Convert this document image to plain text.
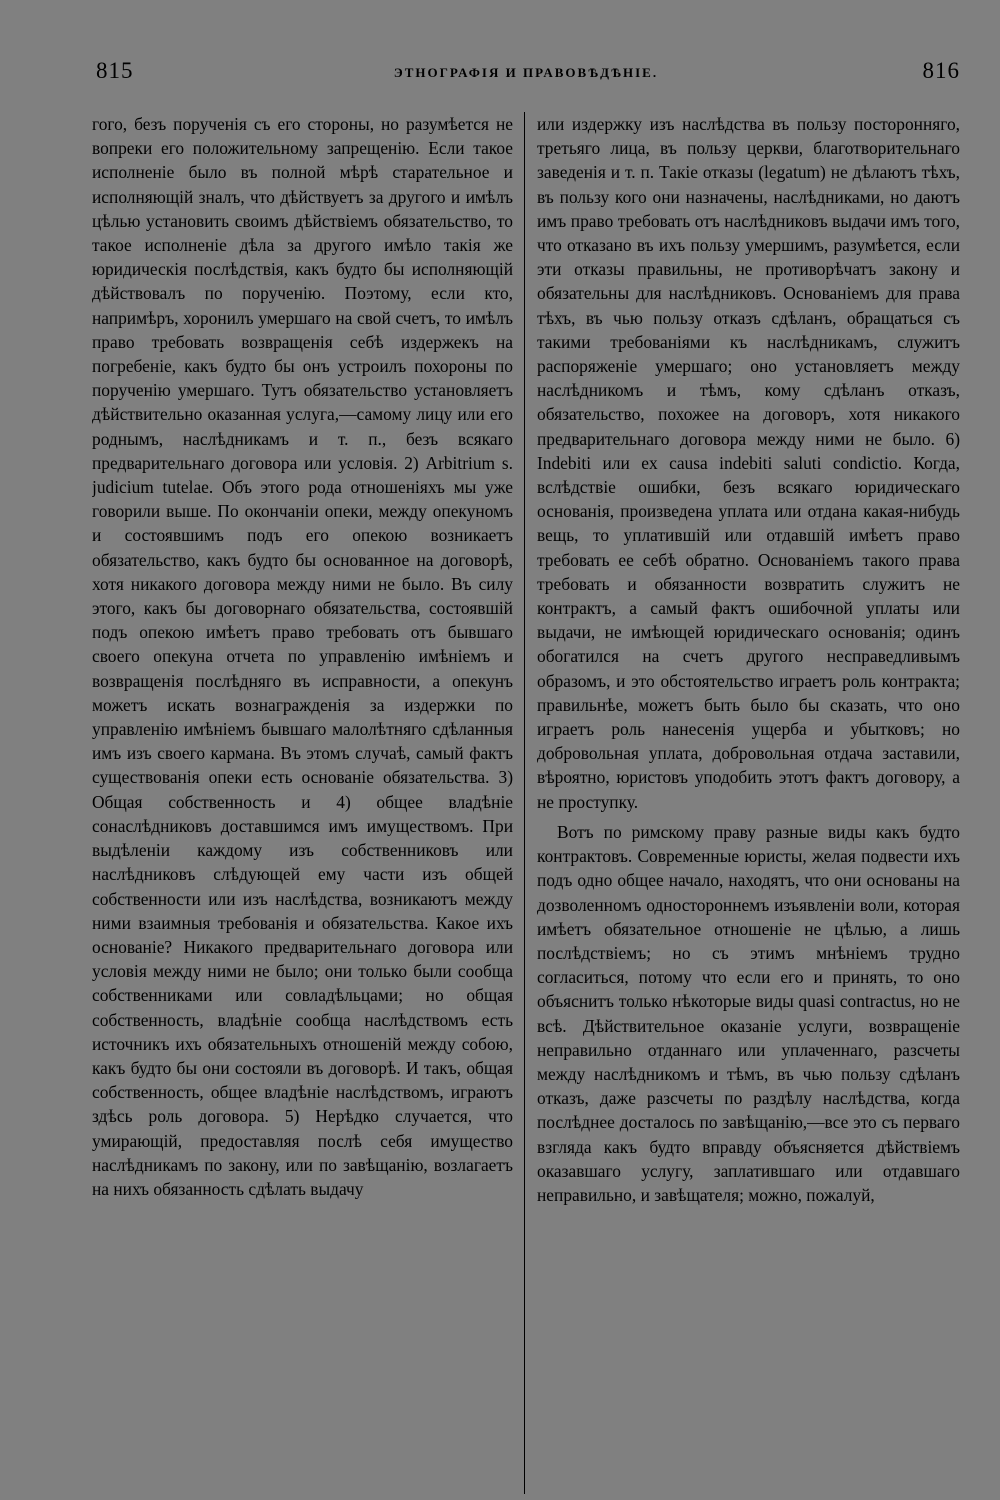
815	ЭТНОГРАФІЯ И ПРАВОВѢДѢНІЕ.	816

гого, безъ порученія съ его стороны, но разумѣется не вопреки его положительному запрещенію. Если такое исполненіе было въ полной мѣрѣ старательное и исполняющій зналъ, что дѣйствуетъ за другого и имѣлъ цѣлью установить своимъ дѣйствіемъ обязательство, то такое исполненіе дѣла за другого имѣло такія же юридическія послѣдствія, какъ будто бы исполняющій дѣйствовалъ по порученію. Поэтому, если кто, напримѣръ, хоронилъ умершаго на свой счетъ, то имѣлъ право требовать возвращенія себѣ издержекъ на погребеніе, какъ будто бы онъ устроилъ похороны по порученію умершаго. Тутъ обязательство установляетъ дѣйствительно оказанная услуга,—самому лицу или его роднымъ, наслѣдникамъ и т. п., безъ всякаго предварительнаго договора или условія. 2) Arbitrium s. judicium tutelae. Объ этого рода отношеніяхъ мы уже говорили выше. По окончаніи опеки, между опекуномъ и состоявшимъ подъ его опекою возникаетъ обязательство, какъ будто бы основанное на договорѣ, хотя никакого договора между ними не было. Въ силу этого, какъ бы договорнаго обязательства, состоявшій подъ опекою имѣетъ право требовать отъ бывшаго своего опекуна отчета по управленію имѣніемъ и возвращенія послѣдняго въ исправности, а опекунъ можетъ искать вознагражденія за издержки по управленію имѣніемъ бывшаго малолѣтняго сдѣланныя имъ изъ своего кармана. Въ этомъ случаѣ, самый фактъ существованія опеки есть основаніе обязательства. 3) Общая собственность и 4) общее владѣніе сонаслѣдниковъ доставшимся имъ имуществомъ. При выдѣленіи каждому изъ собственниковъ или наслѣдниковъ слѣдующей ему части изъ общей собственности или изъ наслѣдства, возникаютъ между ними взаимныя требованія и обязательства. Какое ихъ основаніе? Никакого предварительнаго договора или условія между ними не было; они только были сообща собственниками или совладѣльцами; но общая собственность, владѣніе сообща наслѣдствомъ есть источникъ ихъ обязательныхъ отношеній между собою, какъ будто бы они состояли въ договорѣ. И такъ, общая собственность, общее владѣніе наслѣдствомъ, играютъ здѣсь роль договора. 5) Нерѣдко случается, что умирающій, предоставляя послѣ себя имущество наслѣдникамъ по закону, или по завѣщанію, возлагаетъ на нихъ обязанность сдѣлать выдачу

или издержку изъ наслѣдства въ пользу посторонняго, третьяго лица, въ пользу церкви, благотворительнаго заведенія и т. п. Такіе отказы (legatum) не дѣлаютъ тѣхъ, въ пользу кого они назначены, наслѣдниками, но даютъ имъ право требовать отъ наслѣдниковъ выдачи имъ того, что отказано въ ихъ пользу умершимъ, разумѣется, если эти отказы правильны, не противорѣчатъ закону и обязательны для наслѣдниковъ. Основаніемъ для права тѣхъ, въ чью пользу отказъ сдѣланъ, обращаться съ такими требованіями къ наслѣдникамъ, служитъ распоряженіе умершаго; оно установляетъ между наслѣдникомъ и тѣмъ, кому сдѣланъ отказъ, обязательство, похожее на договоръ, хотя никакого предварительнаго договора между ними не было. 6) Indebiti или ex causa indebiti saluti condictio. Когда, вслѣдствіе ошибки, безъ всякаго юридическаго основанія, произведена уплата или отдана какая-нибудь вещь, то уплатившій или отдавшій имѣетъ право требовать ее себѣ обратно. Основаніемъ такого права требовать и обязанности возвратить служитъ не контрактъ, а самый фактъ ошибочной уплаты или выдачи, не имѣющей юридическаго основанія; одинъ обогатился на счетъ другого несправедливымъ образомъ, и это обстоятельство играетъ роль контракта; правильнѣе, можетъ быть было бы сказать, что оно играетъ роль нанесенія ущерба и убытковъ; но добровольная уплата, добровольная отдача заставили, вѣроятно, юристовъ уподобить этотъ фактъ договору, а не проступку.

Вотъ по римскому праву разные виды какъ будто контрактовъ. Современные юристы, желая подвести ихъ подъ одно общее начало, находятъ, что они основаны на дозволенномъ одностороннемъ изъявленіи воли, которая имѣетъ обязательное отношеніе не цѣлью, а лишь послѣдствіемъ; но съ этимъ мнѣніемъ трудно согласиться, потому что если его и принять, то оно объяснитъ только нѣкоторые виды quasi contractus, но не всѣ. Дѣйствительное оказаніе услуги, возвращеніе неправильно отданнаго или уплаченнаго, разсчеты между наслѣдникомъ и тѣмъ, въ чью пользу сдѣланъ отказъ, даже разсчеты по раздѣлу наслѣдства, когда послѣднее досталось по завѣщанію,—все это съ перваго взгляда какъ будто вправду объясняется дѣйствіемъ оказавшаго услугу, заплатившаго или отдавшаго неправильно, и завѣщателя; можно, пожалуй,
